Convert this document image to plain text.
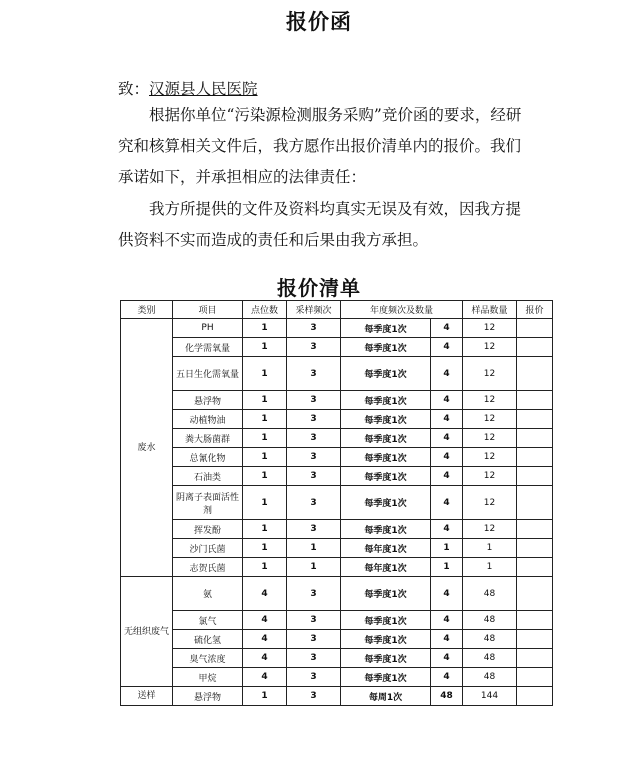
报价函
致：汉源县人民医院

根据你单位“污染源检测服务采购”竞价函的要求，经研究和核算相关文件后，我方愿作出报价清单内的报价。我们承诺如下，并承担相应的法律责任：

我方所提供的文件及资料均真实无误及有效，因我方提供资料不实而造成的责任和后果由我方承担。

报价清单
类别	项目	点位数	采样频次	年度频次及数量		样品数量	报价
废水	PH	1	3	每季度1次	4	12	
	化学需氧量	1	3	每季度1次	4	12	
	五日生化需氧量	1	3	每季度1次	4	12	
	悬浮物	1	3	每季度1次	4	12	
	动植物油	1	3	每季度1次	4	12	
	粪大肠菌群	1	3	每季度1次	4	12	
	总氰化物	1	3	每季度1次	4	12	
	石油类	1	3	每季度1次	4	12	
	阴离子表面活性剂	1	3	每季度1次	4	12	
	挥发酚	1	3	每季度1次	4	12	
	沙门氏菌	1	1	每年度1次	1	1	
	志贺氏菌	1	1	每年度1次	1	1	
无组织废气	氨	4	3	每季度1次	4	48	
	氯气	4	3	每季度1次	4	48	
	硫化氢	4	3	每季度1次	4	48	
	臭气浓度	4	3	每季度1次	4	48	
	甲烷	4	3	每季度1次	4	48	
送样	悬浮物	1	3	每周1次	48	144	
